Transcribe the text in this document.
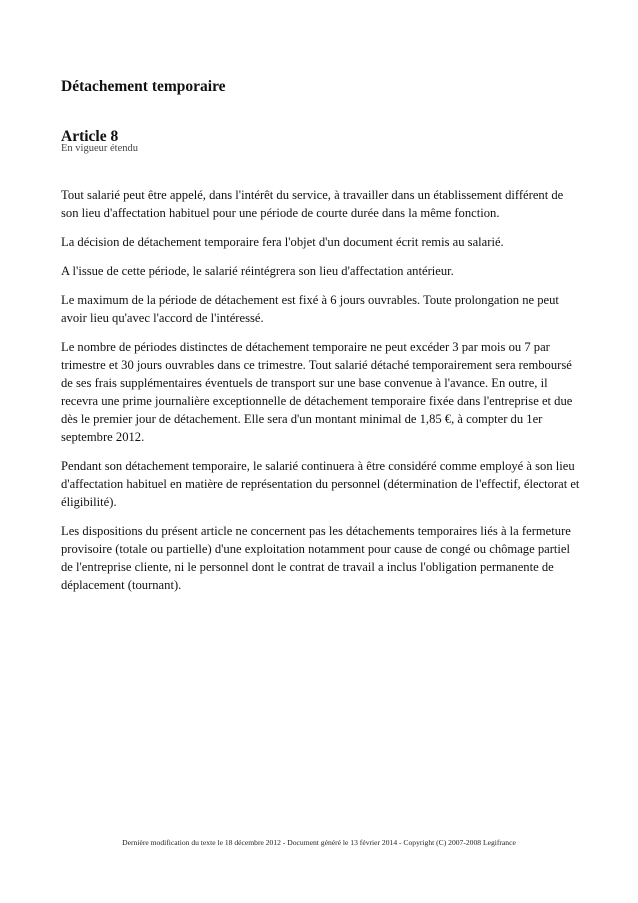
Détachement temporaire
Article 8
En vigueur étendu

Tout salarié peut être appelé, dans l'intérêt du service, à travailler dans un établissement différent de son lieu d'affectation habituel pour une période de courte durée dans la même fonction.

La décision de détachement temporaire fera l'objet d'un document écrit remis au salarié.

A l'issue de cette période, le salarié réintégrera son lieu d'affectation antérieur.

Le maximum de la période de détachement est fixé à 6 jours ouvrables. Toute prolongation ne peut avoir lieu qu'avec l'accord de l'intéressé.

Le nombre de périodes distinctes de détachement temporaire ne peut excéder 3 par mois ou 7 par trimestre et 30 jours ouvrables dans ce trimestre. Tout salarié détaché temporairement sera remboursé de ses frais supplémentaires éventuels de transport sur une base convenue à l'avance. En outre, il recevra une prime journalière exceptionnelle de détachement temporaire fixée dans l'entreprise et due dès le premier jour de détachement. Elle sera d'un montant minimal de 1,85 €, à compter du 1er septembre 2012.

Pendant son détachement temporaire, le salarié continuera à être considéré comme employé à son lieu d'affectation habituel en matière de représentation du personnel (détermination de l'effectif, électorat et éligibilité).

Les dispositions du présent article ne concernent pas les détachements temporaires liés à la fermeture provisoire (totale ou partielle) d'une exploitation notamment pour cause de congé ou chômage partiel de l'entreprise cliente, ni le personnel dont le contrat de travail a inclus l'obligation permanente de déplacement (tournant).

Dernière modification du texte le 18 décembre 2012 - Document généré le 13 février 2014 - Copyright (C) 2007-2008 Legifrance
